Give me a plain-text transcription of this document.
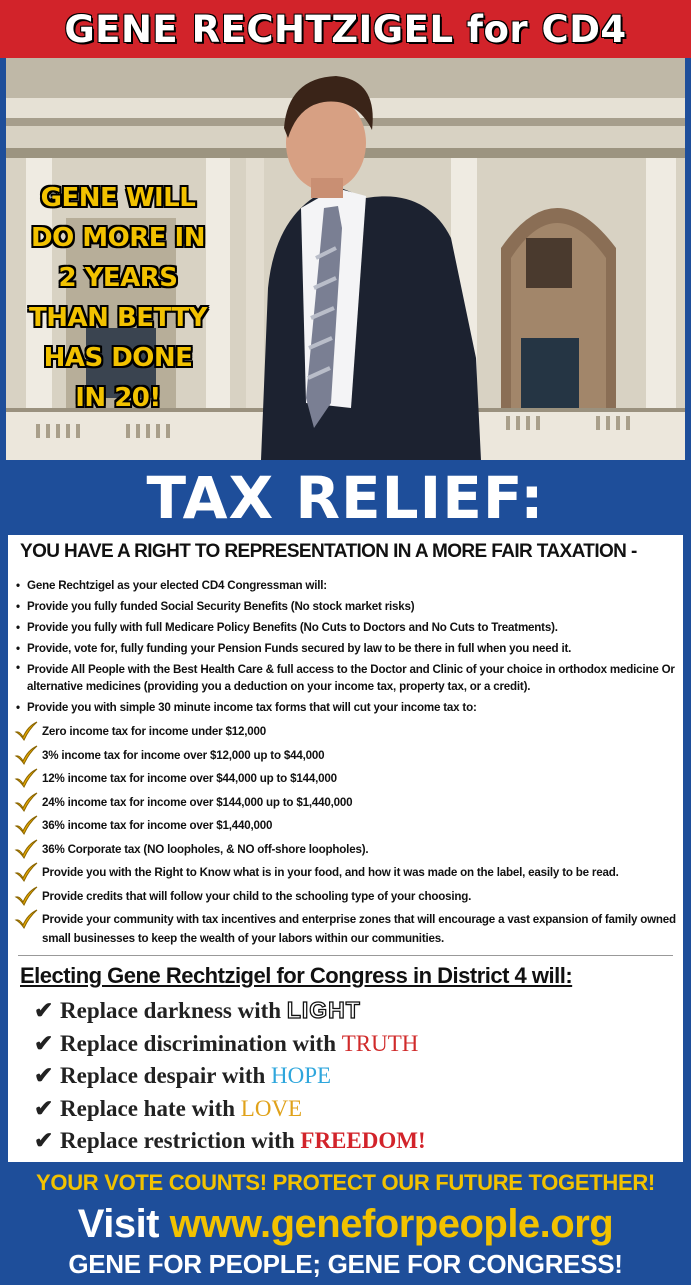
GENE RECHTZIGEL for CD4
GENE WILL
DO MORE IN
2 YEARS
THAN BETTY
HAS DONE
IN 20!
TAX RELIEF:
YOU HAVE A RIGHT TO REPRESENTATION IN A MORE FAIR TAXATION -
• Gene Rechtzigel as your elected CD4 Congressman will:
• Provide you fully funded Social Security Benefits (No stock market risks)
• Provide you fully with full Medicare Policy Benefits (No Cuts to Doctors and No Cuts to Treatments).
• Provide, vote for, fully funding your Pension Funds secured by law to be there in full when you need it.
• Provide All People with the Best Health Care & full access to the Doctor and Clinic of your choice in orthodox medicine Or alternative medicines (providing you a deduction on your income tax, property tax, or a credit).
• Provide you with simple 30 minute income tax forms that will cut your income tax to:
Zero income tax for income under $12,000
3% income tax for income over $12,000 up to $44,000
12% income tax for income over $44,000 up to $144,000
24% income tax for income over $144,000 up to $1,440,000
36% income tax for income over $1,440,000
36% Corporate tax (NO loopholes, & NO off-shore loopholes).
Provide you with the Right to Know what is in your food, and how it was made on the label, easily to be read.
Provide credits that will follow your child to the schooling type of your choosing.
Provide your community with tax incentives and enterprise zones that will encourage a vast expansion of family owned small businesses to keep the wealth of your labors within our communities.
Electing Gene Rechtzigel for Congress in District 4 will:
✔ Replace darkness with LIGHT
✔ Replace discrimination with TRUTH
✔ Replace despair with HOPE
✔ Replace hate with LOVE
✔ Replace restriction with FREEDOM!
YOUR VOTE COUNTS! PROTECT OUR FUTURE TOGETHER!
Visit www.geneforpeople.org
GENE FOR PEOPLE; GENE FOR CONGRESS!
